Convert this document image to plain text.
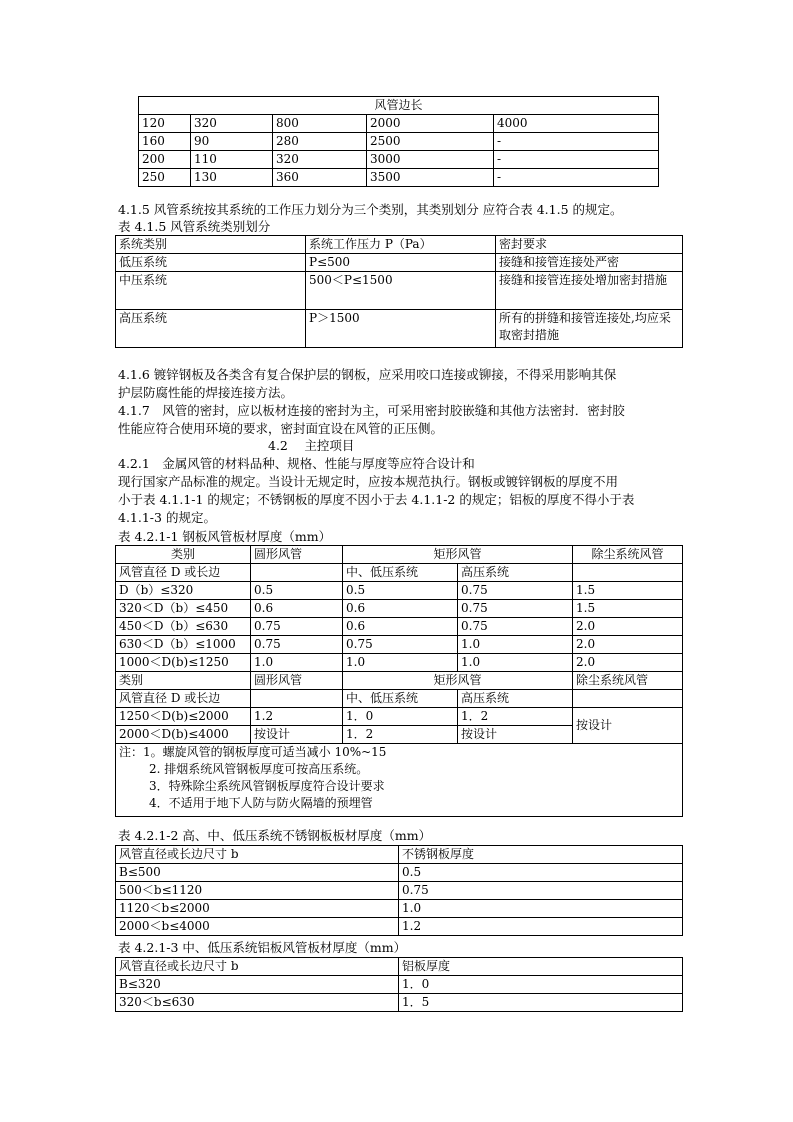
风管边长				
120	320	800	2000	4000
160	90	280	2500	-
200	110	320	3000	-
250	130	360	3500	-
4.1.5 风管系统按其系统的工作压力划分为三个类别，其类别划分 应符合表 4.1.5 的规定。
表 4.1.5 风管系统类别划分
系统类别	系统工作压力 P（Pa）	密封要求
低压系统	P≤500	接缝和接管连接处严密
中压系统	500＜P≤1500	接缝和接管连接处增加密封措施
高压系统	P＞1500	所有的拼缝和接管连接处,均应采取密封措施
4.1.6 镀锌钢板及各类含有复合保护层的钢板，应采用咬口连接或铆接，不得采用影响其保
护层防腐性能的焊接连接方法。
4.1.7　风管的密封，应以板材连接的密封为主，可采用密封胶嵌缝和其他方法密封．密封胶
性能应符合使用环境的要求，密封面宜设在风管的正压侧。
4.2　 主控项目
4.2.1　金属风管的材料品种、规格、性能与厚度等应符合设计和
现行国家产品标准的规定。当设计无规定时，应按本规范执行。钢板或镀锌钢板的厚度不用
小于表 4.1.1-1 的规定；不锈钢板的厚度不因小于去 4.1.1-2 的规定；铝板的厚度不得小于表
4.1.1-3 的规定。
表 4.2.1-1 钢板风管板材厚度（mm）
类别	圆形风管	矩形风管		除尘系统风管
风管直径 D 或长边		中、低压系统	高压系统	
D（b）≤320	0.5	0.5	0.75	1.5
320＜D（b）≤450	0.6	0.6	0.75	1.5
450＜D（b）≤630	0.75	0.6	0.75	2.0
630＜D（b）≤1000	0.75	0.75	1.0	2.0
1000＜D(b)≤1250	1.0	1.0	1.0	2.0
类别	圆形风管	矩形风管		除尘系统风管
风管直径 D 或长边		中、低压系统	高压系统	
1250＜D(b)≤2000	1.2	1．0	1．2	按设计
2000＜D(b)≤4000	按设计	1．2	按设计	

注：1。螺旋风管的钢板厚度可适当减小 10%~15
2. 排烟系统风管钢板厚度可按高压系统。
3．特殊除尘系统风管钢板厚度符合设计要求
4．不适用于地下人防与防火隔墙的预埋管				
表 4.2.1-2 高、中、低压系统不锈钢板板材厚度（mm）
风管直径或长边尺寸 b	不锈钢板厚度
B≤500	0.5
500＜b≤1120	0.75
1120＜b≤2000	1.0
2000＜b≤4000	1.2
表 4.2.1-3 中、低压系统铝板风管板材厚度（mm）
风管直径或长边尺寸 b	铝板厚度
B≤320	1．0
320＜b≤630	1．5
